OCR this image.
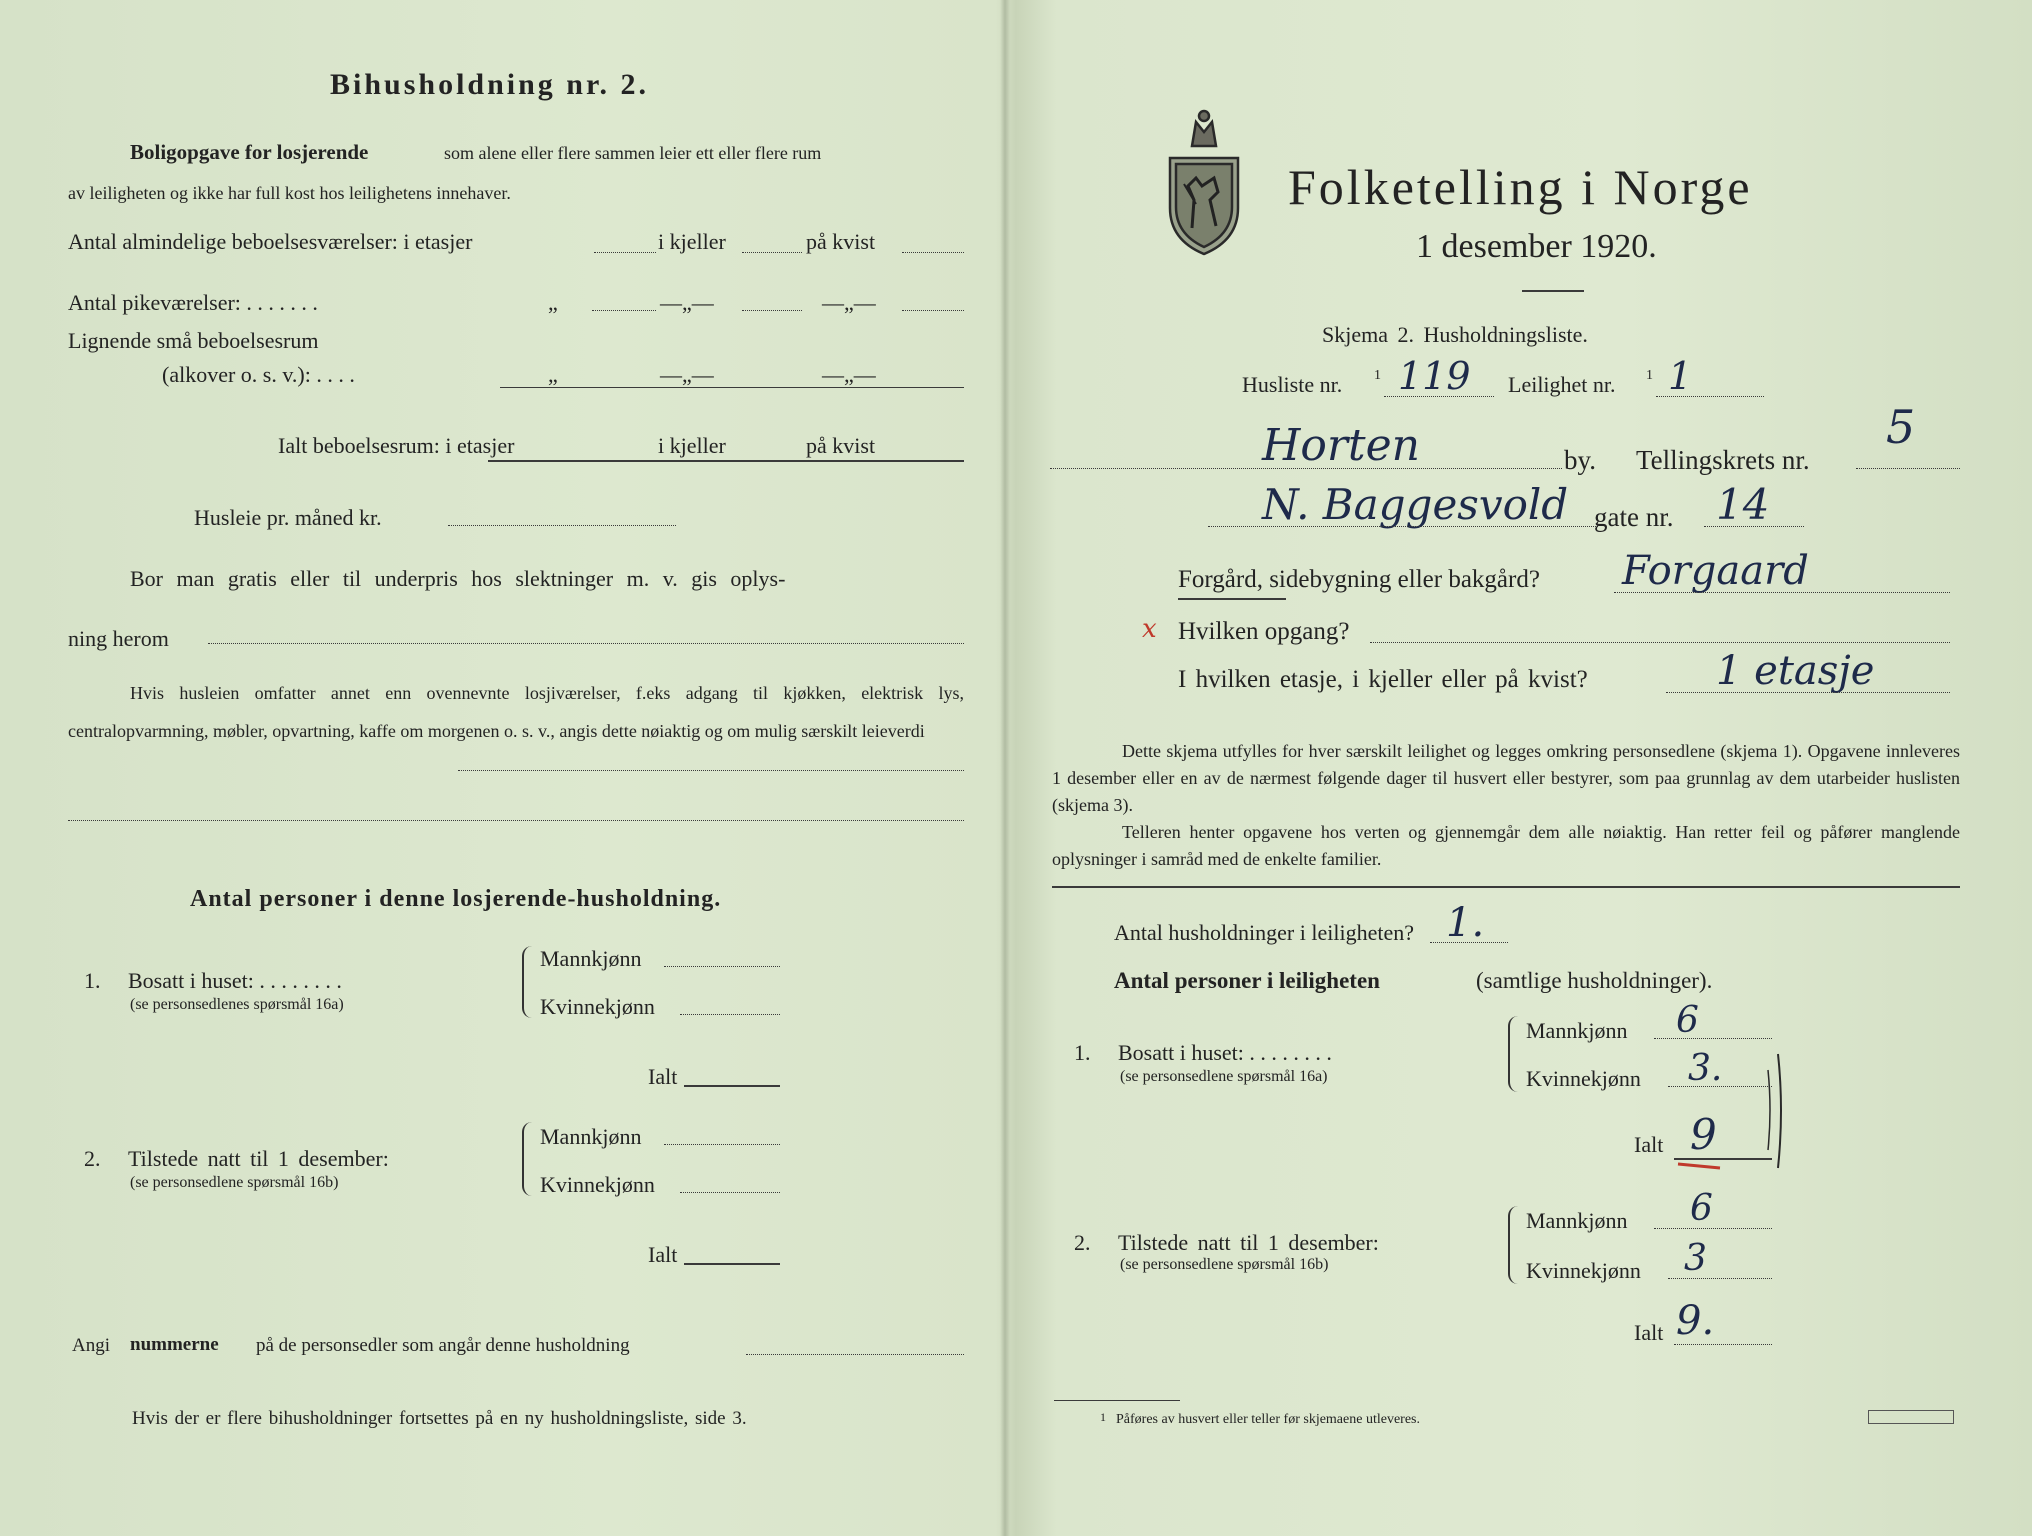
Bihusholdning nr. 2.
Boligopgave for losjerende	som alene eller flere sammen leier ett eller flere rum
av leiligheten og ikke har full kost hos leilighetens innehaver.
Antal almindelige beboelsesværelser: i etasjer	i kjeller	på kvist
Antal pikeværelser: . . . . . . .	„	—„—	—„—
Lignende små beboelsesrum
(alkover o. s. v.): . . . .	„	—„—	—„—
Ialt beboelsesrum: i etasjer	i kjeller	på kvist
Husleie pr. måned kr.
Bor man gratis eller til underpris hos slektninger m. v. gis oplys-
ning herom
Hvis husleien omfatter annet enn ovennevnte losjiværelser, f.eks adgang til kjøkken, elektrisk lys, centralopvarmning, møbler, opvartning, kaffe om morgenen o. s. v., angis dette nøiaktig og om mulig særskilt leieverdi
Antal personer i denne losjerende-husholdning.
1. Bosatt i huset: . . . . . . . .
(se personsedlenes spørsmål 16a)
Mannkjønn
Kvinnekjønn
Ialt
2. Tilstede natt til 1 desember:
(se personsedlene spørsmål 16b)
Mannkjønn
Kvinnekjønn
Ialt
Angi nummerne på de personsedler som angår denne husholdning
Hvis der er flere bihusholdninger fortsettes på en ny husholdningsliste, side 3.
Folketelling i Norge
1 desember 1920.
Skjema 2. Husholdningsliste.
Husliste nr. 1 119 Leilighet nr. 1 1
Horten	by. Tellingskrets nr.
5
N. Baggesvold gate nr. 14
Forgård, sidebygning eller bakgård? Forgaard
x Hvilken opgang?
I hvilken etasje, i kjeller eller på kvist?	1 etasje
Dette skjema utfylles for hver særskilt leilighet og legges omkring personsedlene (skjema 1). Opgavene innleveres 1 desember eller en av de nærmest følgende dager til husvert eller bestyrer, som paa grunnlag av dem utarbeider huslisten (skjema 3).
Telleren henter opgavene hos verten og gjennemgår dem alle nøiaktig. Han retter feil og påfører manglende oplysninger i samråd med de enkelte familier.
Antal husholdninger i leiligheten? 1.
Antal personer i leiligheten	(samtlige husholdninger).
1. Bosatt i huset: . . . . . . . .
(se personsedlene spørsmål 16a)
Mannkjønn 6
Kvinnekjønn 3.
Ialt 9
2. Tilstede natt til 1 desember:
(se personsedlene spørsmål 16b)
Mannkjønn 6
Kvinnekjønn 3
Ialt 9.
1 Påføres av husvert eller teller før skjemaene utleveres.
